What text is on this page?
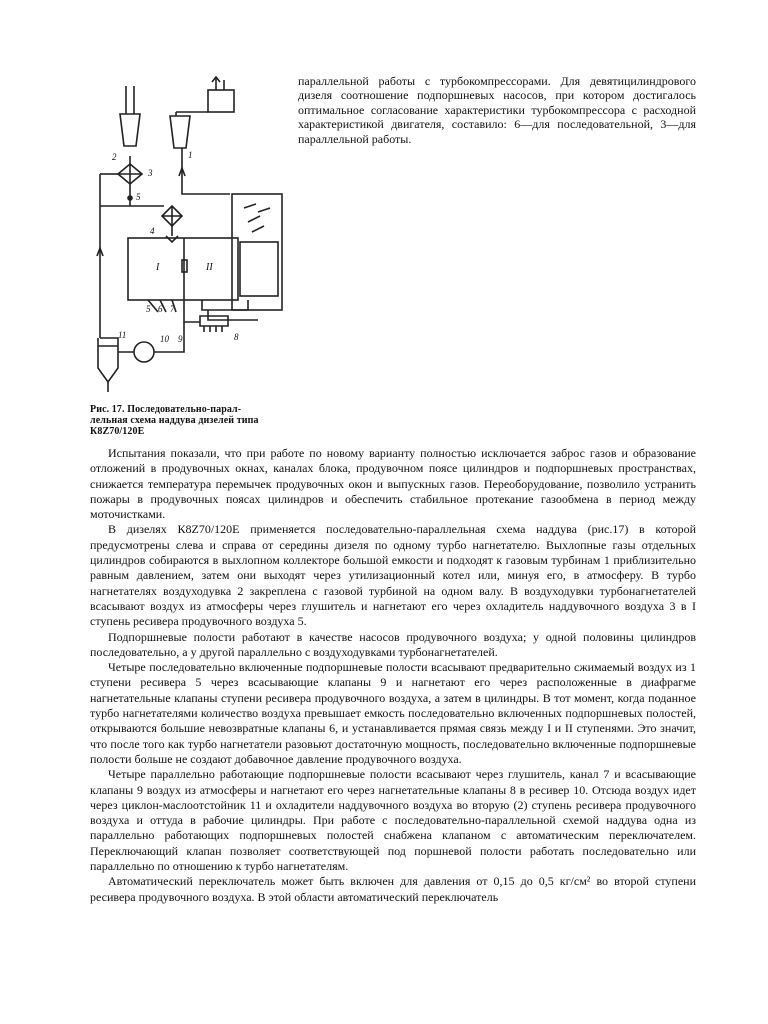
2	1
3
5
4
I	II
5 6 7
8
9
10
11
Рис. 17. Последовательно-парал-
лельная схема наддува дизелей типа
К8Z70/120Е
параллельной работы с турбокомпрессорами. Для девятицилиндрового дизеля соотношение подпоршневых насосов, при котором достигалось оптимальное согласование характеристики турбокомпрессора с расходной характеристикой двигателя, составило: 6—для последовательной, 3—для параллельной работы.

Испытания показали, что при работе по новому варианту полностью исключается заброс газов и образование отложений в продувочных окнах, каналах блока, продувочном поясе цилиндров и подпоршневых пространствах, снижается температура перемычек продувочных окон и выпускных газов. Переоборудование, позволило устранить пожары в продувочных поясах цилиндров и обеспечить стабильное протекание газообмена в период между моточистками.

В дизелях К8Z70/120Е применяется последовательно-параллельная схема наддува (рис.17) в которой предусмотрены слева и справа от середины дизеля по одному турбо нагнетателю. Выхлопные газы отдельных цилиндров собираются в выхлопном коллекторе большой емкости и подходят к газовым турбинам 1 приблизительно равным давлением, затем они выходят через утилизационный котел или, минуя его, в атмосферу. В турбо нагнетателях воздуходувка 2 закреплена с газовой турбиной на одном валу. В воздуходувки турбонагнетателей всасывают воздух из атмосферы через глушитель и нагнетают его через охладитель наддувочного воздуха 3 в I ступень ресивера продувочного воздуха 5.

Подпоршневые полости работают в качестве насосов продувочного воздуха; у одной половины цилиндров последовательно, а у другой параллельно с воздуходувками турбонагнетателей.

Четыре последовательно включенные подпоршневые полости всасывают предварительно сжимаемый воздух из 1 ступени ресивера 5 через всасывающие клапаны 9 и нагнетают его через расположенные в диафрагме нагнетательные клапаны ступени ресивера продувочного воздуха, а затем в цилиндры. В тот момент, когда поданное турбо нагнетателями количество воздуха превышает емкость последовательно включенных подпоршневых полостей, открываются большие невозвратные клапаны 6, и устанавливается прямая связь между I и II ступенями. Это значит, что после того как турбо нагнетатели разовьют достаточную мощность, последовательно включенные подпоршневые полости больше не создают добавочное давление продувочного воздуха.

Четыре параллельно работающие подпоршневые полости всасывают через глушитель, канал 7 и всасывающие клапаны 9 воздух из атмосферы и нагнетают его через нагнетательные клапаны 8 в ресивер 10. Отсюда воздух идет через циклон-маслоотстойник 11 и охладители наддувочного воздуха во вторую (2) ступень ресивера продувочного воздуха и оттуда в рабочие цилиндры. При работе с последовательно-параллельной схемой наддува одна из параллельно работающих подпоршневых полостей снабжена клапаном с автоматическим переключателем. Переключающий клапан позволяет соответствующей под поршневой полости работать последовательно или параллельно по отношению к турбо нагнетателям.

Автоматический переключатель может быть включен для давления от 0,15 до 0,5 кг/см² во второй ступени ресивера продувочного воздуха. В этой области автоматический переключатель
